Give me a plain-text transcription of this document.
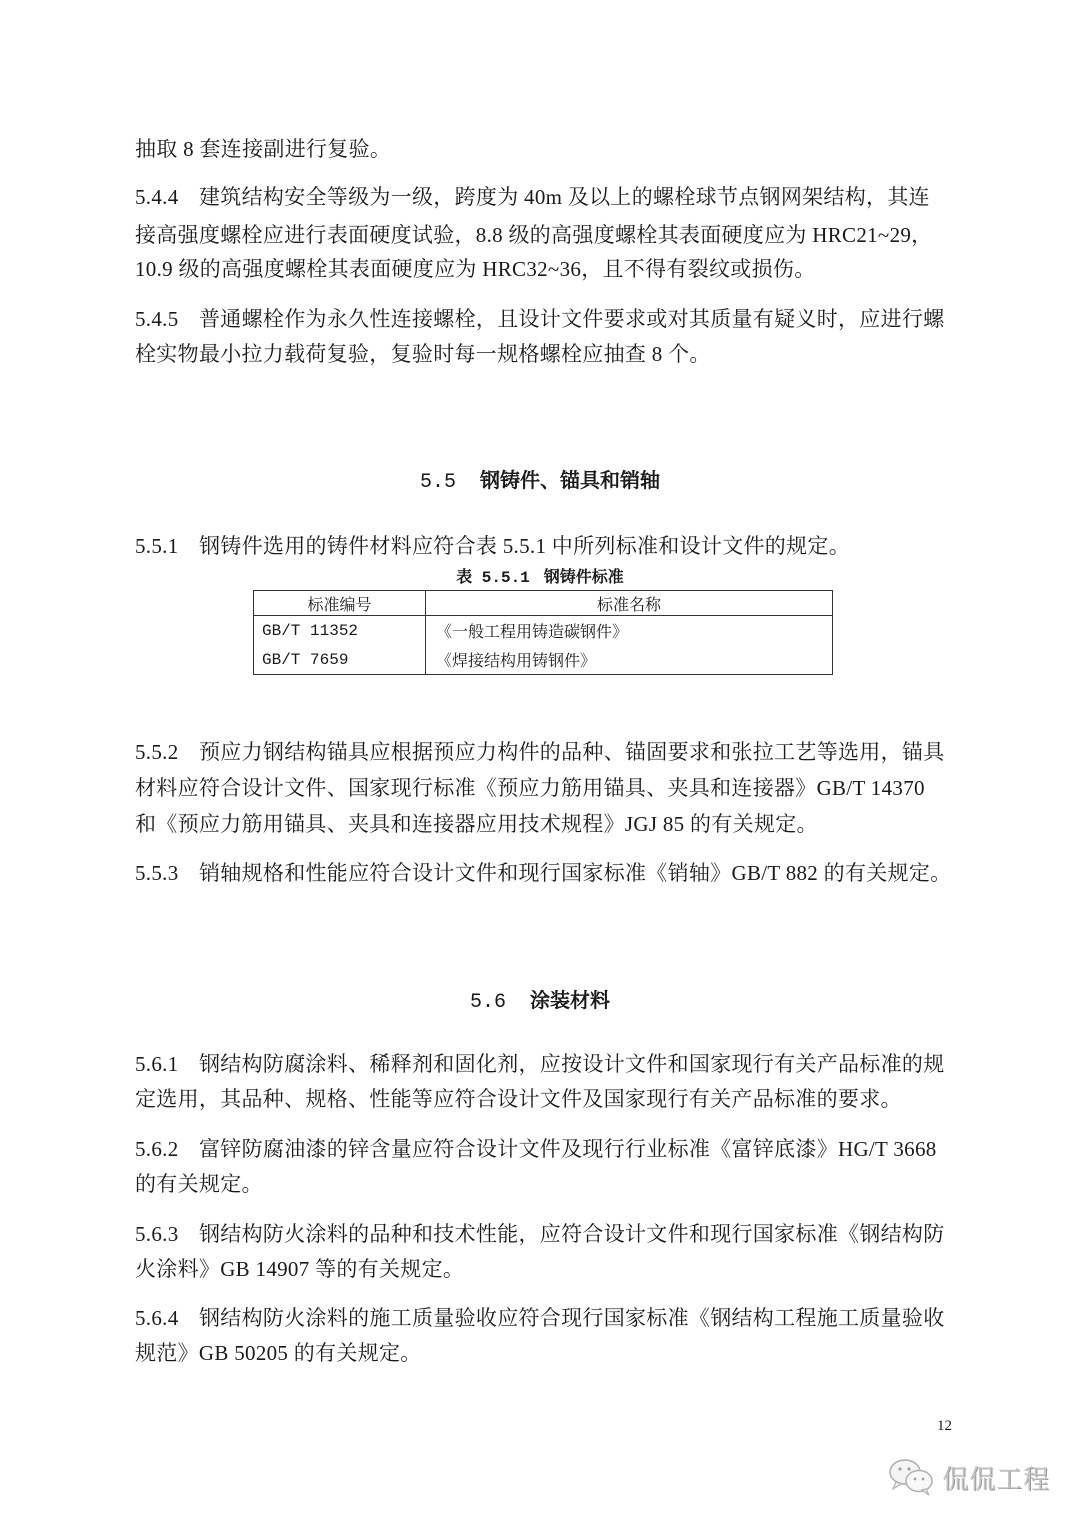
抽取 8 套连接副进行复验。
5.4.4 建筑结构安全等级为一级，跨度为 40m 及以上的螺栓球节点钢网架结构，其连
接高强度螺栓应进行表面硬度试验，8.8 级的高强度螺栓其表面硬度应为 HRC21~29，
10.9 级的高强度螺栓其表面硬度应为 HRC32~36，且不得有裂纹或损伤。
5.4.5 普通螺栓作为永久性连接螺栓，且设计文件要求或对其质量有疑义时，应进行螺
栓实物最小拉力载荷复验，复验时每一规格螺栓应抽查 8 个。
5.5 钢铸件、锚具和销轴
5.5.1 钢铸件选用的铸件材料应符合表 5.5.1 中所列标准和设计文件的规定。
表 5.5.1 钢铸件标准
标准编号	标准名称
GB/T 11352	《一般工程用铸造碳钢件》
GB/T 7659	《焊接结构用铸钢件》
5.5.2 预应力钢结构锚具应根据预应力构件的品种、锚固要求和张拉工艺等选用，锚具
材料应符合设计文件、国家现行标准《预应力筋用锚具、夹具和连接器》GB/T 14370
和《预应力筋用锚具、夹具和连接器应用技术规程》JGJ 85 的有关规定。
5.5.3 销轴规格和性能应符合设计文件和现行国家标准《销轴》GB/T 882 的有关规定。
5.6 涂装材料
5.6.1 钢结构防腐涂料、稀释剂和固化剂，应按设计文件和国家现行有关产品标准的规
定选用，其品种、规格、性能等应符合设计文件及国家现行有关产品标准的要求。
5.6.2 富锌防腐油漆的锌含量应符合设计文件及现行行业标准《富锌底漆》HG/T 3668
的有关规定。
5.6.3 钢结构防火涂料的品种和技术性能，应符合设计文件和现行国家标准《钢结构防
火涂料》GB 14907 等的有关规定。
5.6.4 钢结构防火涂料的施工质量验收应符合现行国家标准《钢结构工程施工质量验收
规范》GB 50205 的有关规定。
12
侃侃工程
